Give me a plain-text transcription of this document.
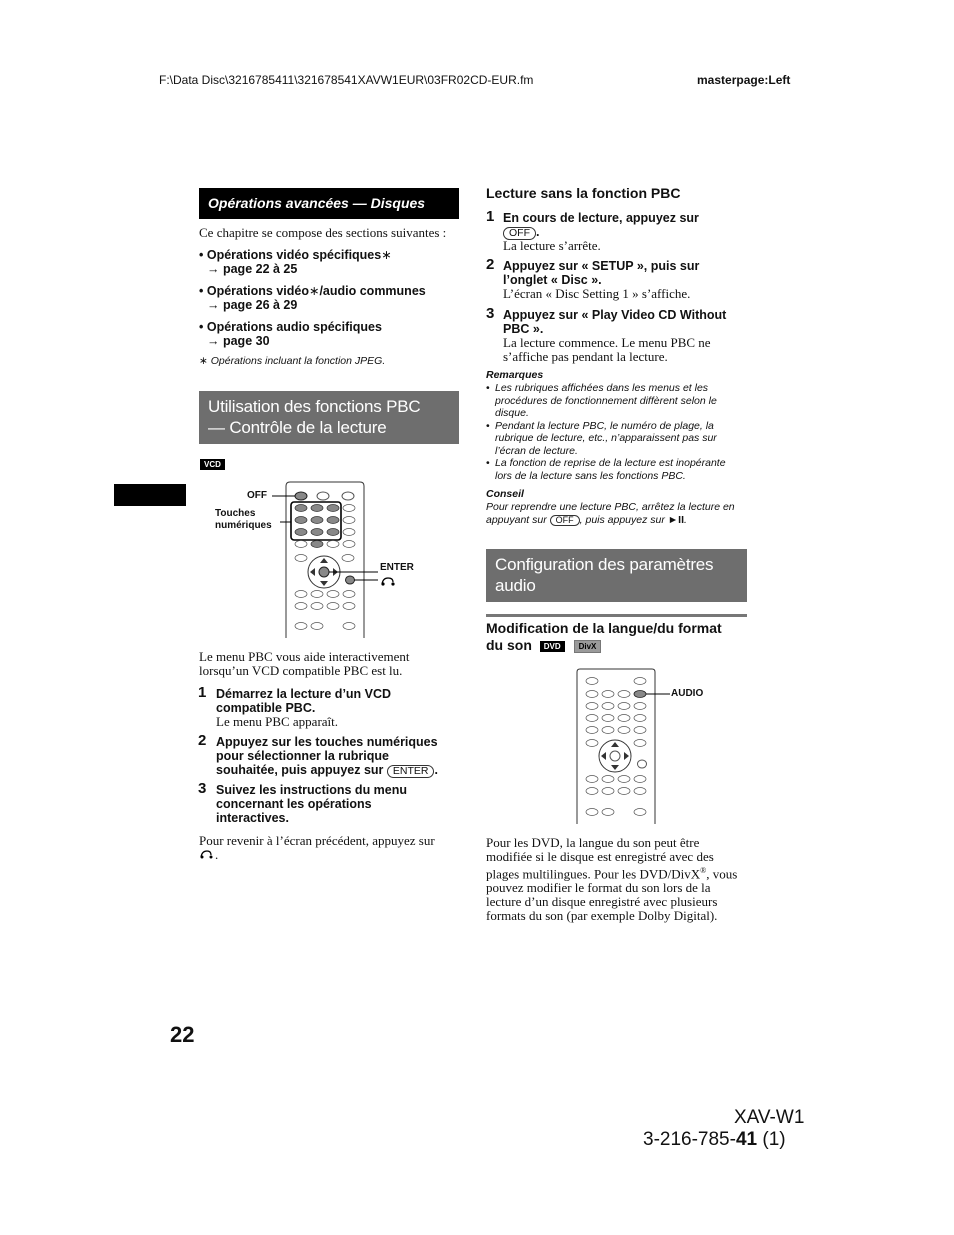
F:\Data Disc\3216785411\321678541XAVW1EUR\03FR02CD-EUR.fm	masterpage:Left
Opérations avancées — Disques
Ce chapitre se compose des sections suivantes :
• Opérations vidéo spécifiques∗
→ page 22 à 25
• Opérations vidéo∗/audio communes
→ page 26 à 29
• Opérations audio spécifiques
→ page 30
∗ Opérations incluant la fonction JPEG.
Utilisation des fonctions PBC
— Contrôle de la lecture
VCD
OFF
Touches
numériques
ENTER
Le menu PBC vous aide interactivement
lorsqu’un VCD compatible PBC est lu.
1 Démarrez la lecture d’un VCD
compatible PBC.
Le menu PBC apparaît.
2 Appuyez sur les touches numériques
pour sélectionner la rubrique
souhaitée, puis appuyez sur ENTER .
3 Suivez les instructions du menu
concernant les opérations
interactives.
Pour revenir à l’écran précédent, appuyez sur
.
Lecture sans la fonction PBC
1 En cours de lecture, appuyez sur
OFF .
La lecture s’arrête.
2 Appuyez sur « SETUP », puis sur
l’onglet « Disc ».
L’écran « Disc Setting 1 » s’affiche.
3 Appuyez sur « Play Video CD Without
PBC ».
La lecture commence. Le menu PBC ne
s’affiche pas pendant la lecture.
Remarques
• Les rubriques affichées dans les menus et les
procédures de fonctionnement diffèrent selon le
disque.
• Pendant la lecture PBC, le numéro de plage, la
rubrique de lecture, etc., n’apparaissent pas sur
l’écran de lecture.
• La fonction de reprise de la lecture est inopérante
lors de la lecture sans les fonctions PBC.
Conseil
Pour reprendre une lecture PBC, arrêtez la lecture en
appuyant sur OFF , puis appuyez sur ►II.
Configuration des paramètres
audio
Modification de la langue/du format
du son DVD DivX
AUDIO
Pour les DVD, la langue du son peut être
modifiée si le disque est enregistré avec des
plages multilingues. Pour les DVD/DivX®, vous
pouvez modifier le format du son lors de la
lecture d’un disque enregistré avec plusieurs
formats du son (par exemple Dolby Digital).
22
XAV-W1
3-216-785-41 (1)
